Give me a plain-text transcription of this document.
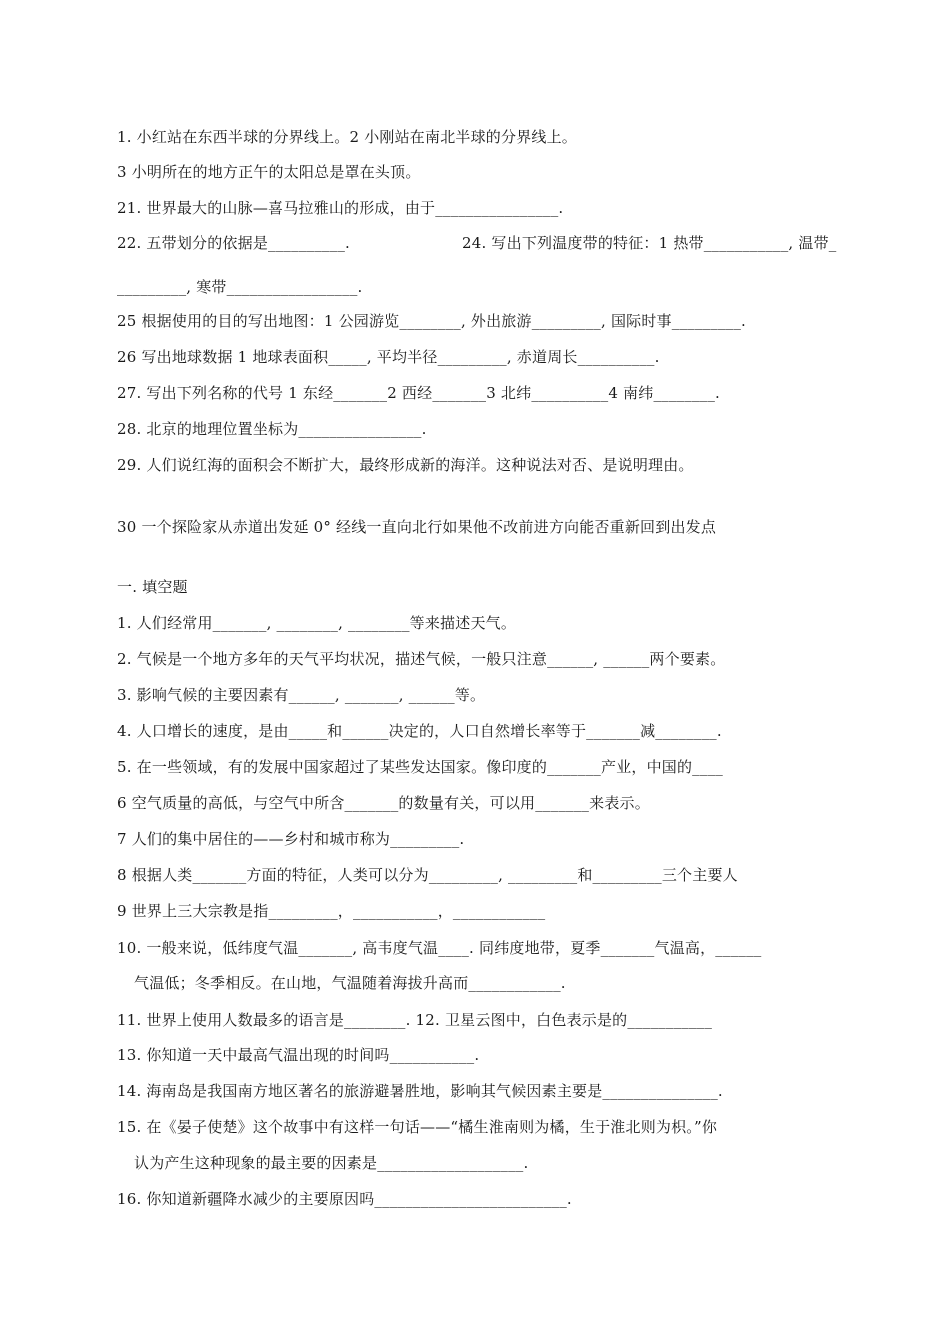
1. 小红站在东西半球的分界线上。2 小刚站在南北半球的分界线上。
3 小明所在的地方正午的太阳总是罩在头顶。
21. 世界最大的山脉—喜马拉雅山的形成，由于________________.
22. 五带划分的依据是__________.	24. 写出下列温度带的特征：1 热带___________, 温带_
_________, 寒带_________________.
25 根据使用的目的写出地图：1 公园游览________, 外出旅游_________, 国际时事_________.
26 写出地球数据 1 地球表面积_____, 平均半径_________, 赤道周长__________.
27. 写出下列名称的代号 1 东经_______2 西经_______3 北纬__________4 南纬________.
28. 北京的地理位置坐标为________________.
29. 人们说红海的面积会不断扩大，最终形成新的海洋。这种说法对否、是说明理由。
30 一个探险家从赤道出发延 0° 经线一直向北行如果他不改前进方向能否重新回到出发点
一. 填空题
1. 人们经常用_______, ________, ________等来描述天气。
2. 气候是一个地方多年的天气平均状况，描述气候，一般只注意______, ______两个要素。
3. 影响气候的主要因素有______, _______, ______等。
4. 人口增长的速度，是由_____和______决定的，人口自然增长率等于_______减________.
5. 在一些领域，有的发展中国家超过了某些发达国家。像印度的_______产业，中国的____
6 空气质量的高低，与空气中所含_______的数量有关，可以用_______来表示。
7 人们的集中居住的——乡村和城市称为_________.
8 根据人类_______方面的特征，人类可以分为_________, _________和_________三个主要人
9 世界上三大宗教是指_________，___________，____________
10. 一般来说，低纬度气温_______, 高韦度气温____. 同纬度地带，夏季_______气温高，______
气温低；冬季相反。在山地，气温随着海拔升高而____________.
11. 世界上使用人数最多的语言是________. 12. 卫星云图中，白色表示是的___________
13. 你知道一天中最高气温出现的时间吗___________.
14. 海南岛是我国南方地区著名的旅游避暑胜地，影响其气候因素主要是_______________.
15. 在《晏子使楚》这个故事中有这样一句话——“橘生淮南则为橘，生于淮北则为枳。”你
认为产生这种现象的最主要的因素是___________________.
16. 你知道新疆降水减少的主要原因吗_________________________.
